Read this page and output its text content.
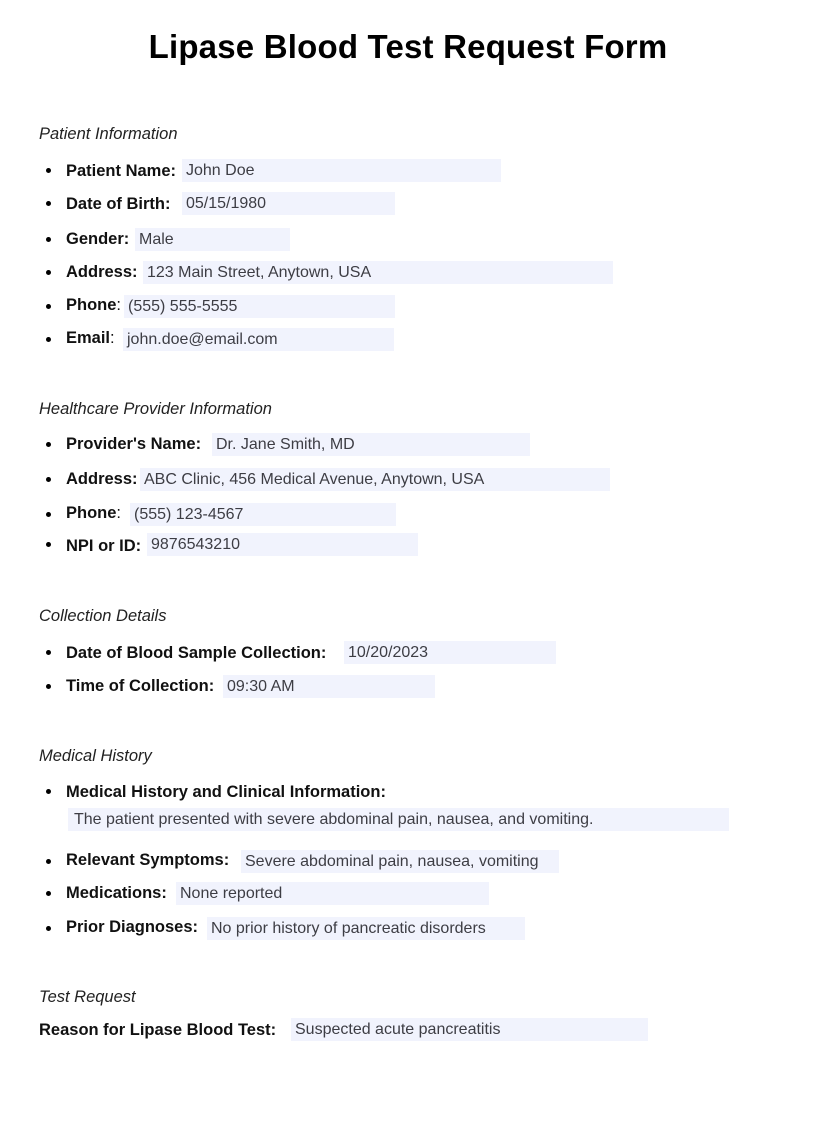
Lipase Blood Test Request Form
Patient Information
Patient Name: John Doe
Date of Birth: 05/15/1980
Gender: Male
Address: 123 Main Street, Anytown, USA
Phone: (555) 555-5555
Email: john.doe@email.com
Healthcare Provider Information
Provider's Name: Dr. Jane Smith, MD
Address: ABC Clinic, 456 Medical Avenue, Anytown, USA
Phone: (555) 123-4567
NPI or ID: 9876543210
Collection Details
Date of Blood Sample Collection: 10/20/2023
Time of Collection: 09:30 AM
Medical History
Medical History and Clinical Information:
The patient presented with severe abdominal pain, nausea, and vomiting.
Relevant Symptoms: Severe abdominal pain, nausea, vomiting
Medications: None reported
Prior Diagnoses: No prior history of pancreatic disorders
Test Request
Reason for Lipase Blood Test: Suspected acute pancreatitis
